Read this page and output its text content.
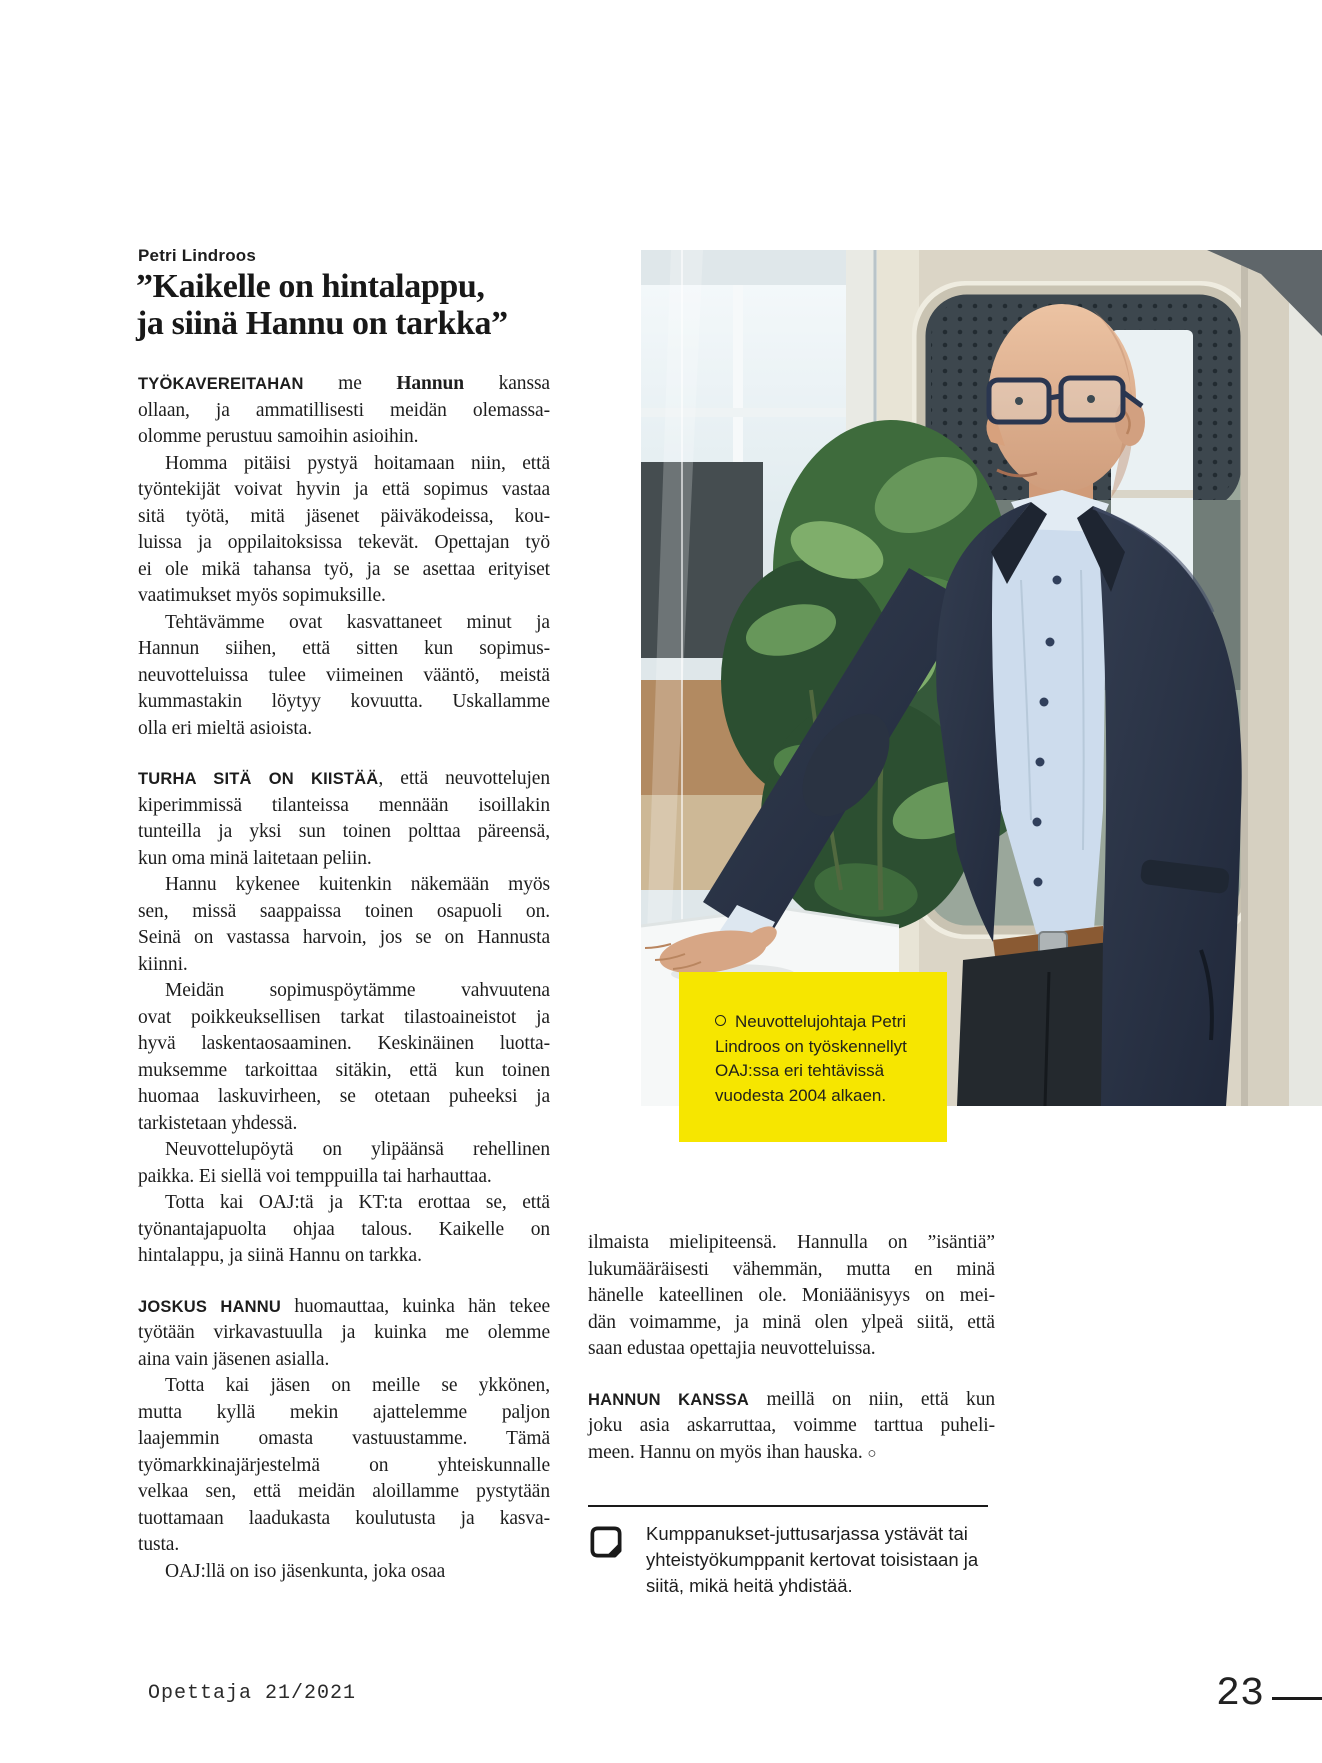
Petri Lindroos
”Kaikelle on hintalappu,
ja siinä Hannu on tarkka”
Neuvottelujohtaja Petri
Lindroos on työskennellyt
OAJ:ssa eri tehtävissä
vuodesta 2004 alkaen.
TYÖKAVEREITAHAN me Hannun kanssa
ollaan, ja ammatillisesti meidän olemassa-
olomme perustuu samoihin asioihin.
Homma pitäisi pystyä hoitamaan niin, että
työntekijät voivat hyvin ja että sopimus vastaa
sitä työtä, mitä jäsenet päiväkodeissa, kou-
luissa ja oppilaitoksissa tekevät. Opettajan työ
ei ole mikä tahansa työ, ja se asettaa erityiset
vaatimukset myös sopimuksille.
Tehtävämme ovat kasvattaneet minut ja
Hannun siihen, että sitten kun sopimus-
neuvotteluissa tulee viimeinen vääntö, meistä
kummastakin löytyy kovuutta. Uskallamme
olla eri mieltä asioista.
TURHA SITÄ ON KIISTÄÄ, että neuvottelujen
kiperimmissä tilanteissa mennään isoillakin
tunteilla ja yksi sun toinen polttaa päreensä,
kun oma minä laitetaan peliin.
Hannu kykenee kuitenkin näkemään myös
sen, missä saappaissa toinen osapuoli on.
Seinä on vastassa harvoin, jos se on Hannusta
kiinni.
Meidän sopimuspöytämme vahvuutena
ovat poikkeuksellisen tarkat tilastoaineistot ja
hyvä laskentaosaaminen. Keskinäinen luotta-
muksemme tarkoittaa sitäkin, että kun toinen
huomaa laskuvirheen, se otetaan puheeksi ja
tarkistetaan yhdessä.
Neuvottelupöytä on ylipäänsä rehellinen
paikka. Ei siellä voi temppuilla tai harhauttaa.
Totta kai OAJ:tä ja KT:ta erottaa se, että
työnantajapuolta ohjaa talous. Kaikelle on
hintalappu, ja siinä Hannu on tarkka.
JOSKUS HANNU huomauttaa, kuinka hän tekee
työtään virkavastuulla ja kuinka me olemme
aina vain jäsenen asialla.
Totta kai jäsen on meille se ykkönen,
mutta kyllä mekin ajattelemme paljon
laajemmin omasta vastuustamme. Tämä
työmarkkinajärjestelmä on yhteiskunnalle
velkaa sen, että meidän aloillamme pystytään
tuottamaan laadukasta koulutusta ja kasva-
tusta.
OAJ:llä on iso jäsenkunta, joka osaa
ilmaista mielipiteensä. Hannulla on ”isäntiä”
lukumääräisesti vähemmän, mutta en minä
hänelle kateellinen ole. Moniäänisyys on mei-
dän voimamme, ja minä olen ylpeä siitä, että
saan edustaa opettajia neuvotteluissa.
HANNUN KANSSA meillä on niin, että kun
joku asia askarruttaa, voimme tarttua puheli-
meen. Hannu on myös ihan hauska. ○
Kumppanukset-juttusarjassa ystävät tai
yhteistyökumppanit kertovat toisistaan ja
siitä, mikä heitä yhdistää.
Opettaja 21/2021	23
